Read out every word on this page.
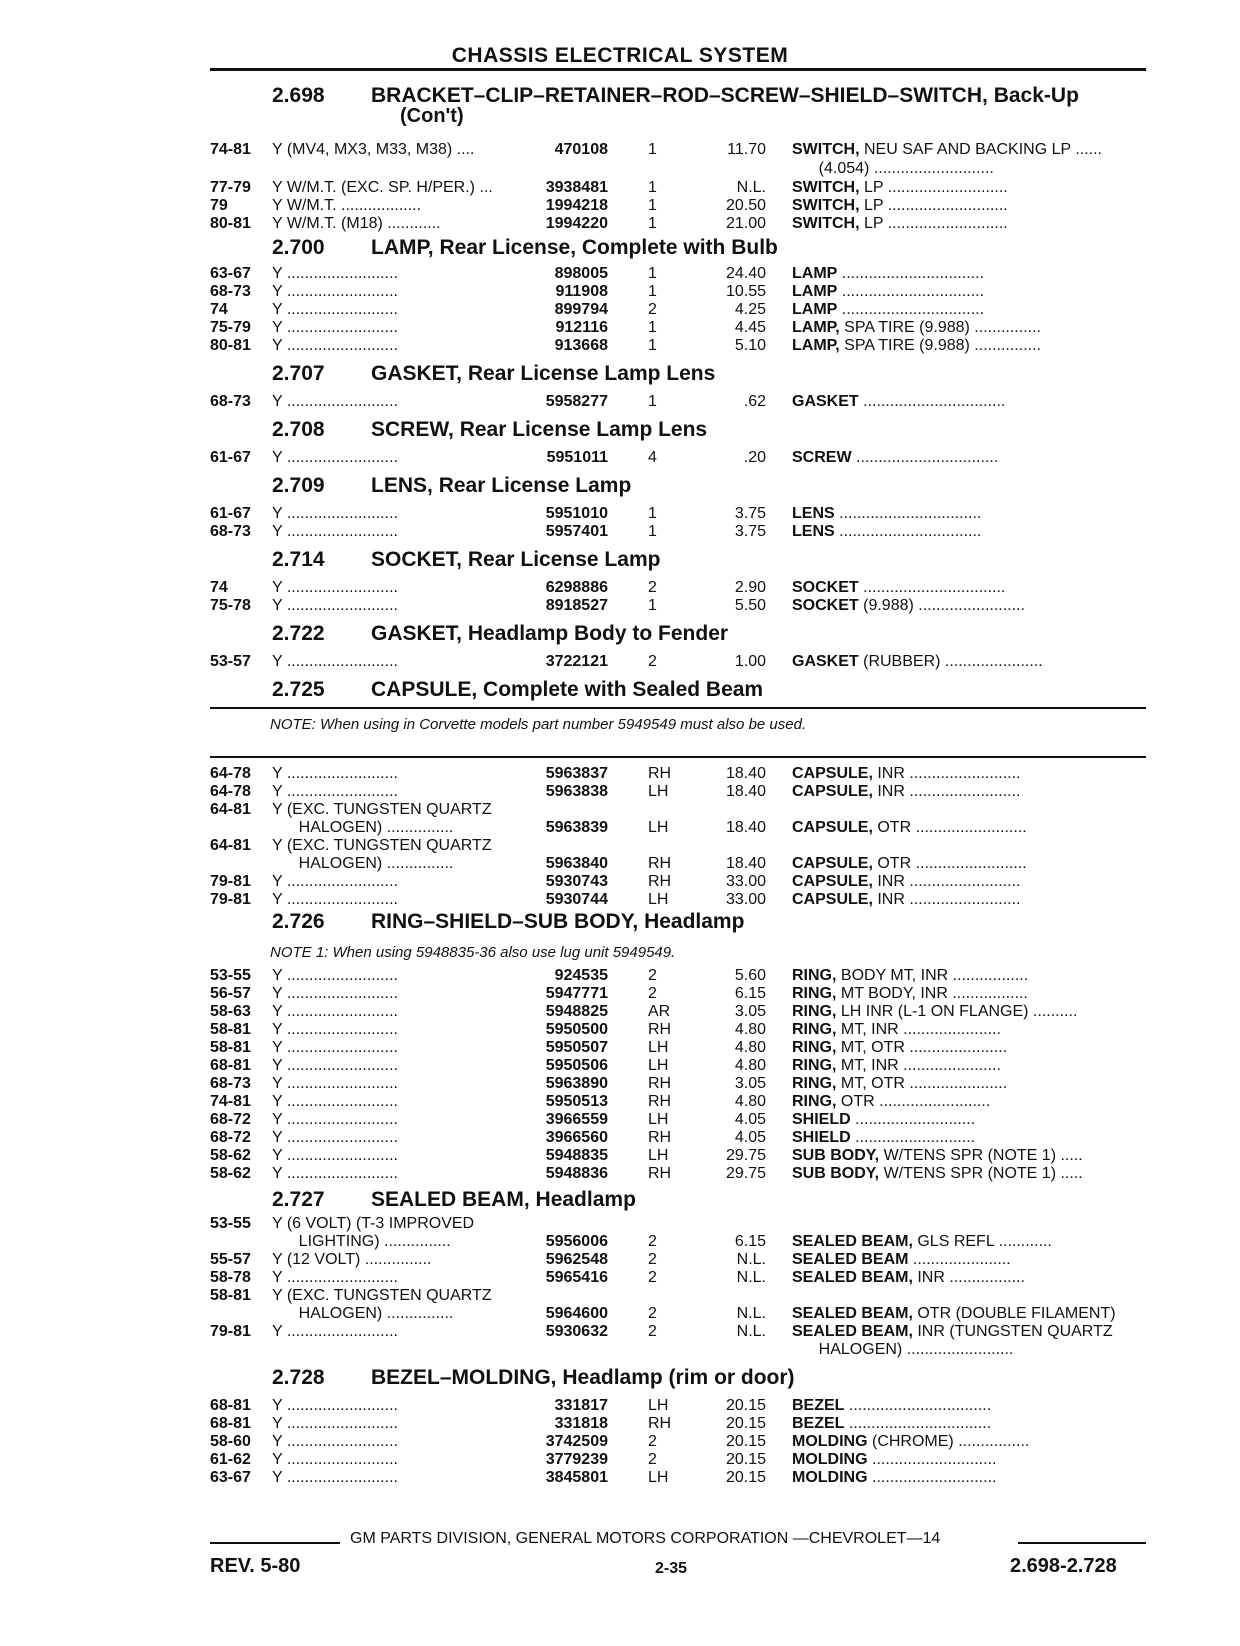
CHASSIS ELECTRICAL SYSTEM
2.698 BRACKET–CLIP–RETAINER–ROD–SCREW–SHIELD–SWITCH, Back-Up
(Con't)
74-81 Y (MV4, MX3, M33, M38) ....	470108	1	11.70 SWITCH, NEU SAF AND BACKING LP ......
(4.054) ...........................
77-79 Y W/M.T. (EXC. SP. H/PER.) ...	3938481	1	N.L. SWITCH, LP ...........................
79	Y W/M.T. ..................	1994218	1	20.50 SWITCH, LP ...........................
80-81 Y W/M.T. (M18) ............	1994220	1	21.00 SWITCH, LP ...........................
2.700 LAMP, Rear License, Complete with Bulb
63-67 Y .........................	898005	1	24.40 LAMP ................................
68-73 Y .........................	911908	1	10.55 LAMP ................................
74	Y .........................	899794	2	4.25 LAMP ................................
75-79 Y .........................	912116	1	4.45 LAMP, SPA TIRE (9.988) ...............
80-81 Y .........................	913668	1	5.10 LAMP, SPA TIRE (9.988) ...............
2.707 GASKET, Rear License Lamp Lens
68-73 Y .........................	5958277	1	.62 GASKET ................................
2.708 SCREW, Rear License Lamp Lens
61-67 Y .........................	5951011	4	.20 SCREW ................................
2.709 LENS, Rear License Lamp
61-67 Y .........................	5951010	1	3.75 LENS ................................
68-73 Y .........................	5957401	1	3.75 LENS ................................
2.714 SOCKET, Rear License Lamp
74	Y .........................	6298886	2	2.90 SOCKET ................................
75-78 Y .........................	8918527	1	5.50 SOCKET (9.988) ........................
2.722 GASKET, Headlamp Body to Fender
53-57 Y .........................	3722121	2	1.00 GASKET (RUBBER) ......................
2.725 CAPSULE, Complete with Sealed Beam
NOTE: When using in Corvette models part number 5949549 must also be used.
64-78 Y .........................	5963837	RH	18.40 CAPSULE, INR .........................
64-78 Y .........................	5963838	LH	18.40 CAPSULE, INR .........................
64-81 Y (EXC. TUNGSTEN QUARTZ
HALOGEN) ...............	5963839	LH	18.40 CAPSULE, OTR .........................
64-81 Y (EXC. TUNGSTEN QUARTZ
HALOGEN) ...............	5963840	RH	18.40 CAPSULE, OTR .........................
79-81 Y .........................	5930743	RH	33.00 CAPSULE, INR .........................
79-81 Y .........................	5930744	LH	33.00 CAPSULE, INR .........................
2.726 RING–SHIELD–SUB BODY, Headlamp
NOTE 1: When using 5948835-36 also use lug unit 5949549.
53-55 Y .........................	924535	2	5.60 RING, BODY MT, INR .................
56-57 Y .........................	5947771	2	6.15 RING, MT BODY, INR .................
58-63 Y .........................	5948825	AR	3.05 RING, LH INR (L-1 ON FLANGE) ..........
58-81 Y .........................	5950500	RH	4.80 RING, MT, INR ......................
58-81 Y .........................	5950507	LH	4.80 RING, MT, OTR ......................
68-81 Y .........................	5950506	LH	4.80 RING, MT, INR ......................
68-73 Y .........................	5963890	RH	3.05 RING, MT, OTR ......................
74-81 Y .........................	5950513	RH	4.80 RING, OTR .........................
68-72 Y .........................	3966559	LH	4.05 SHIELD ...........................
68-72 Y .........................	3966560	RH	4.05 SHIELD ...........................
58-62 Y .........................	5948835	LH	29.75 SUB BODY, W/TENS SPR (NOTE 1) .....
58-62 Y .........................	5948836	RH	29.75 SUB BODY, W/TENS SPR (NOTE 1) .....
2.727 SEALED BEAM, Headlamp
53-55 Y (6 VOLT) (T-3 IMPROVED
LIGHTING) ...............	5956006	2	6.15 SEALED BEAM, GLS REFL ............
55-57 Y (12 VOLT) ...............	5962548	2	N.L. SEALED BEAM ......................
58-78 Y .........................	5965416	2	N.L. SEALED BEAM, INR .................
58-81 Y (EXC. TUNGSTEN QUARTZ
HALOGEN) ...............	5964600	2	N.L. SEALED BEAM, OTR (DOUBLE FILAMENT)
79-81 Y .........................	5930632	2	N.L. SEALED BEAM, INR (TUNGSTEN QUARTZ
HALOGEN) ........................
2.728 BEZEL–MOLDING, Headlamp (rim or door)
68-81 Y .........................	331817	LH	20.15 BEZEL ................................
68-81 Y .........................	331818	RH	20.15 BEZEL ................................
58-60 Y .........................	3742509	2	20.15 MOLDING (CHROME) ................
61-62 Y .........................	3779239	2	20.15 MOLDING ............................
63-67 Y .........................	3845801	LH	20.15 MOLDING ............................
GM PARTS DIVISION, GENERAL MOTORS CORPORATION —CHEVROLET—14
REV. 5-80	2-35	2.698-2.728
